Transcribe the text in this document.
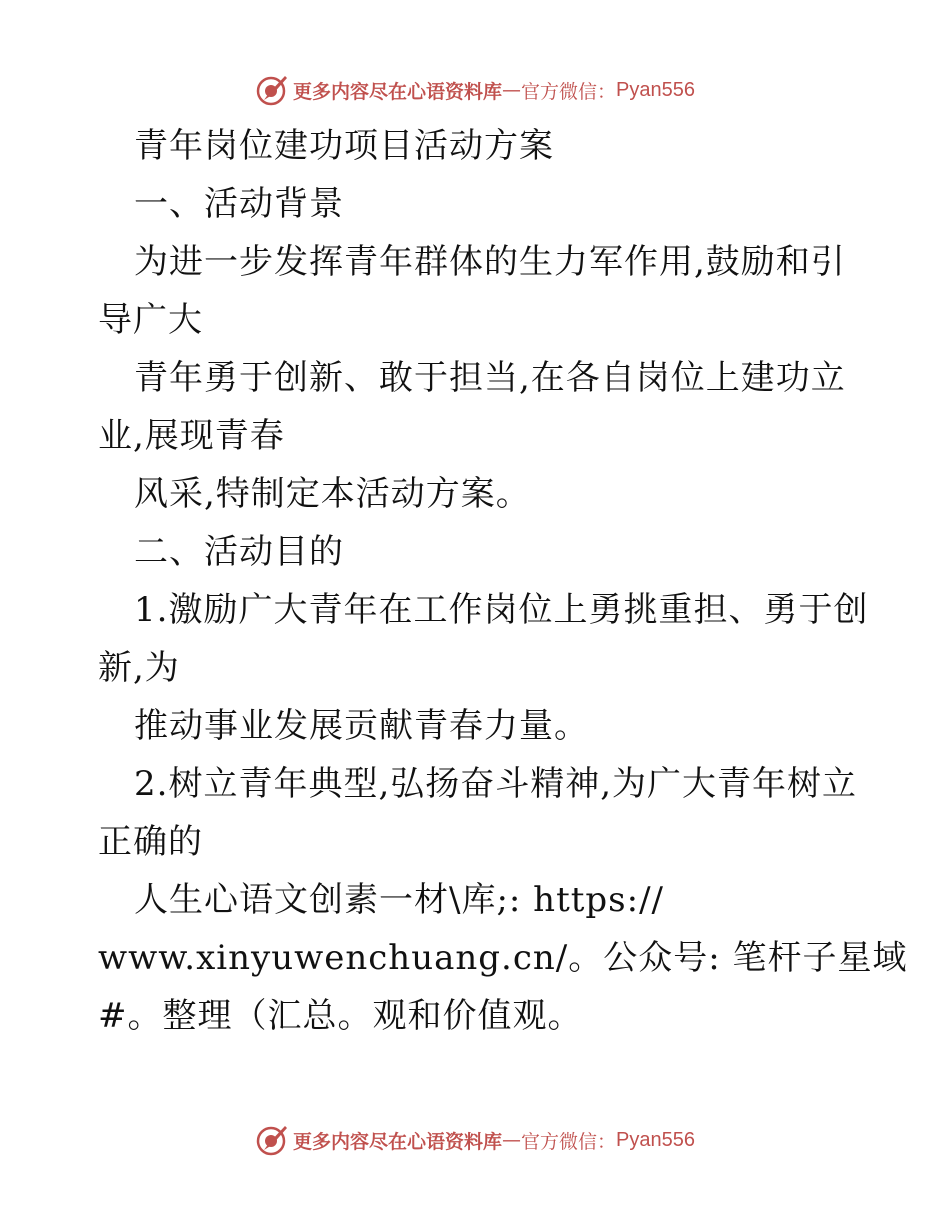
更多内容尽在心语资料库 — 官方微信： Pyan556
青年岗位建功项目活动方案
一、活动背景
为进一步发挥青年群体的生力军作用,鼓励和引
导广大
青年勇于创新、敢于担当,在各自岗位上建功立
业,展现青春
风采,特制定本活动方案。
二、活动目的
1.激励广大青年在工作岗位上勇挑重担、勇于创
新,为
推动事业发展贡献青春力量。
2.树立青年典型,弘扬奋斗精神,为广大青年树立
正确的
人生心语文创素一材\库;: https://
www.xinyuwenchuang.cn/。公众号: 笔杆子星域
#。整理（汇总。观和价值观。
更多内容尽在心语资料库 — 官方微信： Pyan556
